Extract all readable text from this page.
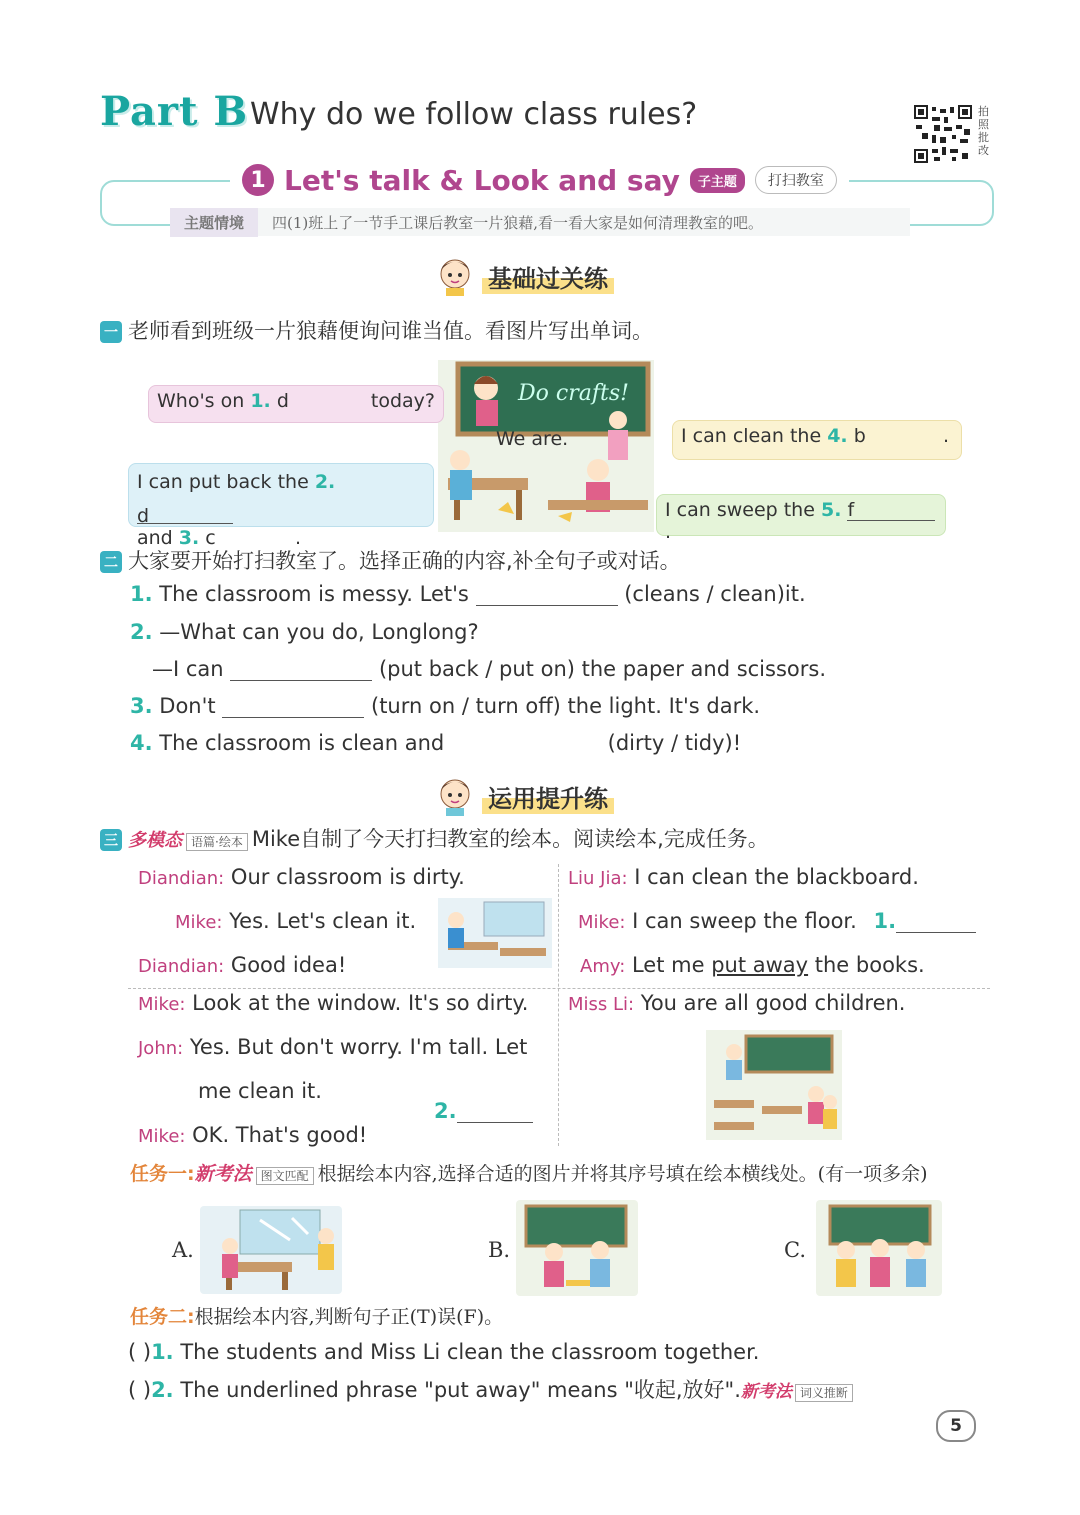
Part B Why do we follow class rules?	拍
照
批
改
1 Let's talk & Look and say	子主题	打扫教室
主题情境	四(1)班上了一节手工课后教室一片狼藉,看一看大家是如何清理教室的吧。
基础过关练
一 老师看到班级一片狼藉便询问谁当值。看图片写出单词。
Do crafts!
Who's on 1. d	today?
We are.	I can clean the 4. b	.
I can put back the 2. d
and 3. c	.
I can sweep the 5. f.
二 大家要开始打扫教室了。选择正确的内容,补全句子或对话。
1. The classroom is messy. Let's	(cleans / clean)it.
2. —What can you do, Longlong?
—I can	(put back / put on) the paper and scissors.
3. Don't	(turn on / turn off) the light. It's dark.
4. The classroom is clean and	(dirty / tidy)!
运用提升练
三 多模态 语篇·绘本 Mike自制了今天打扫教室的绘本。阅读绘本,完成任务。
Diandian: Our classroom is dirty.
Mike: Yes. Let's clean it.
Diandian: Good idea!
Liu Jia: I can clean the blackboard.
Mike: I can sweep the floor. 1.
Amy: Let me put away the books.
Mike: Look at the window. It's so dirty.
John: Yes. But don't worry. I'm tall. Let
me clean it.
Mike: OK. That's good!
2.
Miss Li: You are all good children.
任务一:新考法 图文匹配 根据绘本内容,选择合适的图片并将其序号填在绘本横线处。(有一项多余)
A.	B.	C.
任务二:根据绘本内容,判断句子正(T)误(F)。
( )1. The students and Miss Li clean the classroom together.
( )2. The underlined phrase "put away" means "收起,放好".新考法 词义推断
5
